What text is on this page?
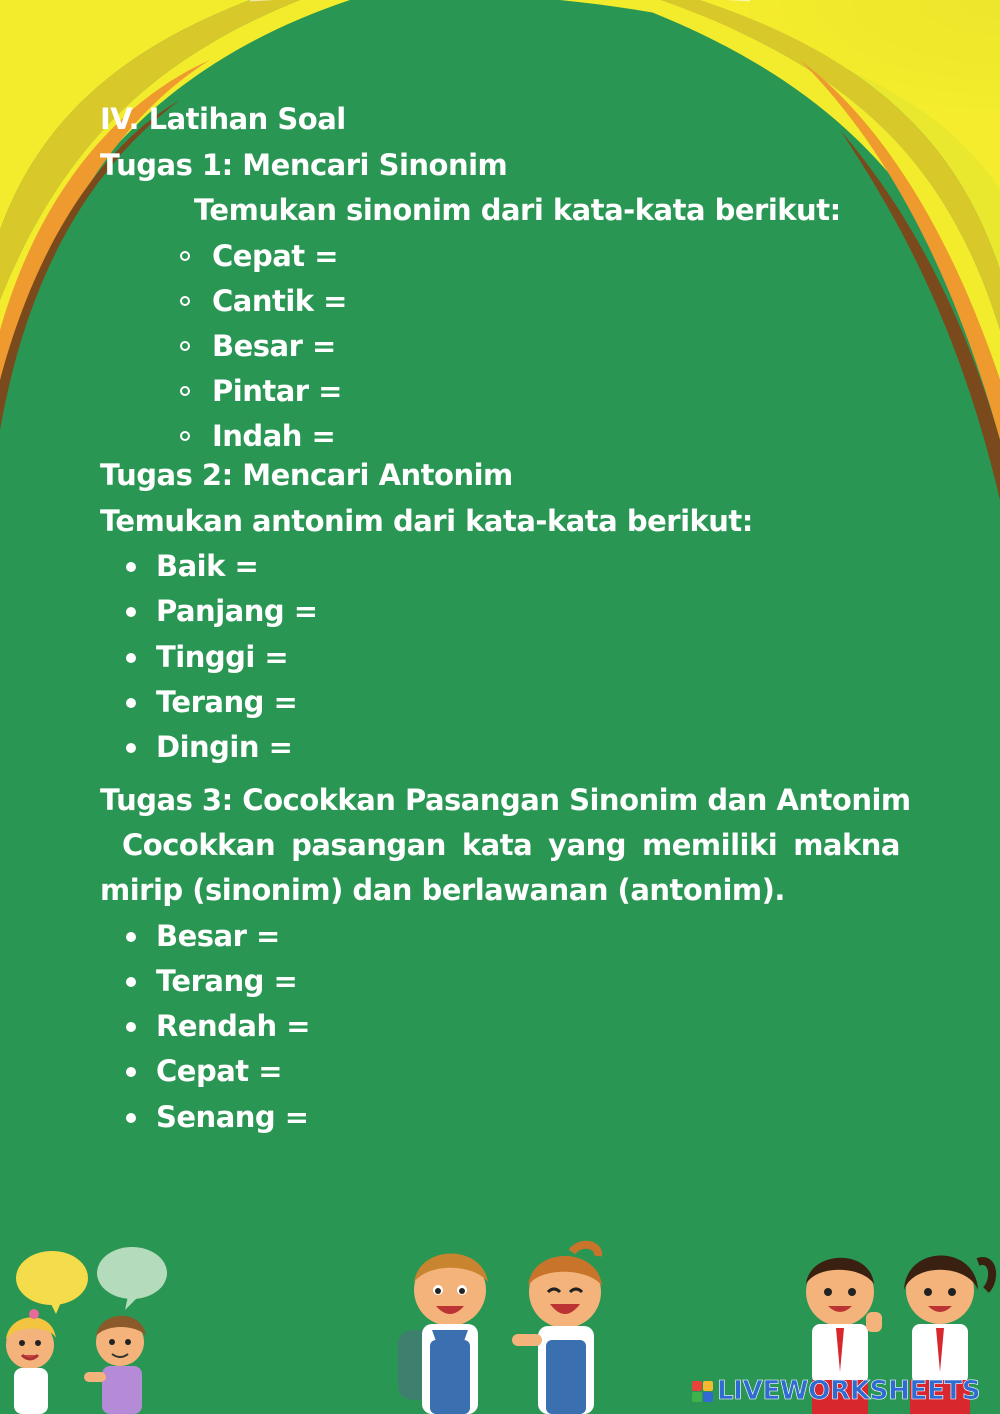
IV. Latihan Soal
Tugas 1: Mencari Sinonim
Temukan sinonim dari kata-kata berikut:
Cepat =
Cantik =
Besar =
Pintar =
Indah =
Tugas 2: Mencari Antonim
Temukan antonim dari kata-kata berikut:
Baik =
Panjang =
Tinggi =
Terang =
Dingin =
Tugas 3: Cocokkan Pasangan Sinonim dan Antonim
Cocokkan pasangan kata yang memiliki makna
mirip (sinonim) dan berlawanan (antonim).
Besar =
Terang =
Rendah =
Cepat =
Senang =
LIVEWORKSHEETS
